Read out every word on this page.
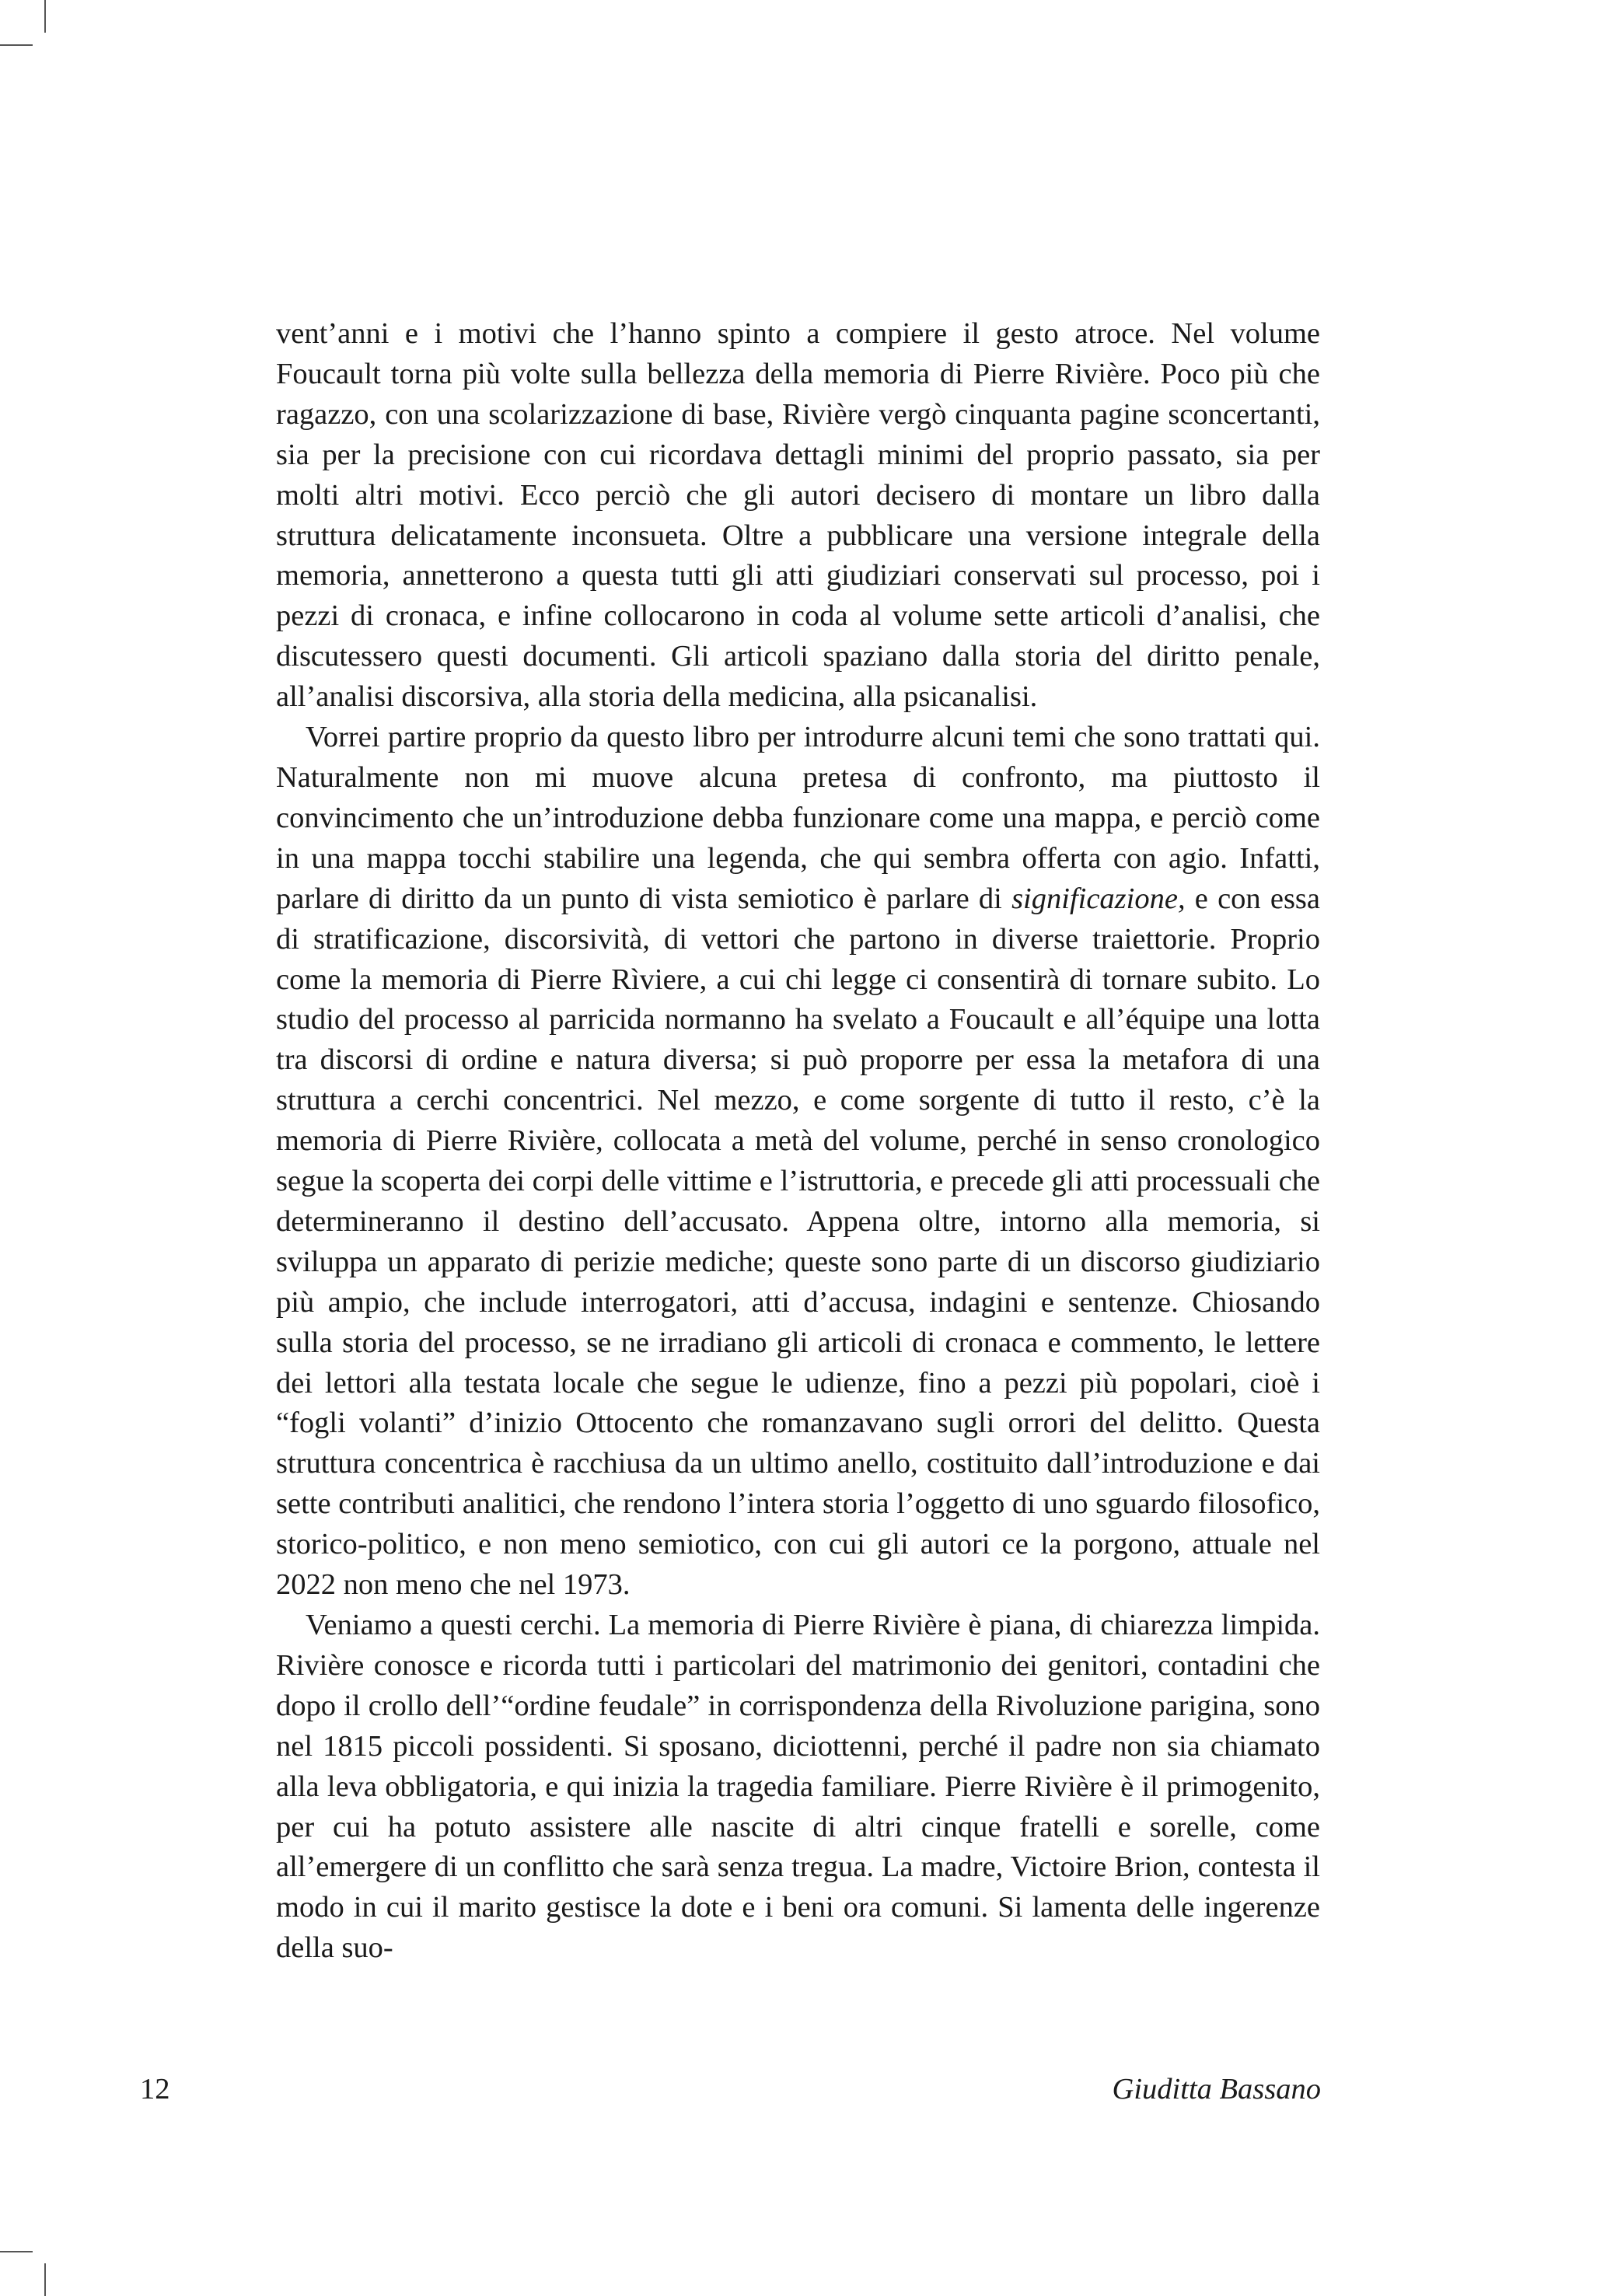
vent’anni e i motivi che l’hanno spinto a compiere il gesto atroce. Nel volume Foucault torna più volte sulla bellezza della memoria di Pierre Rivière. Poco più che ragazzo, con una scolarizzazione di base, Rivière vergò cinquanta pagine sconcertanti, sia per la precisione con cui ricordava dettagli minimi del proprio passato, sia per molti altri motivi. Ecco perciò che gli autori decisero di montare un libro dalla struttura delicatamente inconsueta. Oltre a pubblicare una versione integrale della memoria, annetterono a questa tutti gli atti giudiziari conservati sul processo, poi i pezzi di cronaca, e infine collocarono in coda al volume sette articoli d’analisi, che discutessero questi documenti. Gli articoli spaziano dalla storia del diritto penale, all’analisi discorsiva, alla storia della medicina, alla psicanalisi.

Vorrei partire proprio da questo libro per introdurre alcuni temi che sono trattati qui. Naturalmente non mi muove alcuna pretesa di confronto, ma piuttosto il convincimento che un’introduzione debba funzionare come una mappa, e perciò come in una mappa tocchi stabilire una legenda, che qui sembra offerta con agio. Infatti, parlare di diritto da un punto di vista semiotico è parlare di significazione, e con essa di stratificazione, discorsività, di vettori che partono in diverse traiettorie. Proprio come la memoria di Pierre Rìviere, a cui chi legge ci consentirà di tornare subito. Lo studio del processo al parricida normanno ha svelato a Foucault e all’équipe una lotta tra discorsi di ordine e natura diversa; si può proporre per essa la metafora di una struttura a cerchi concentrici. Nel mezzo, e come sorgente di tutto il resto, c’è la memoria di Pierre Rivière, collocata a metà del volume, perché in senso cronologico segue la scoperta dei corpi delle vittime e l’istruttoria, e precede gli atti processuali che determineranno il destino dell’accusato. Appena oltre, intorno alla memoria, si sviluppa un apparato di perizie mediche; queste sono parte di un discorso giudiziario più ampio, che include interrogatori, atti d’accusa, indagini e sentenze. Chiosando sulla storia del processo, se ne irradiano gli articoli di cronaca e commento, le lettere dei lettori alla testata locale che segue le udienze, fino a pezzi più popolari, cioè i “fogli volanti” d’inizio Ottocento che romanzavano sugli orrori del delitto. Questa struttura concentrica è racchiusa da un ultimo anello, costituito dall’introduzione e dai sette contributi analitici, che rendono l’intera storia l’oggetto di uno sguardo filosofico, storico-politico, e non meno semiotico, con cui gli autori ce la porgono, attuale nel 2022 non meno che nel 1973.

Veniamo a questi cerchi. La memoria di Pierre Rivière è piana, di chiarezza limpida. Rivière conosce e ricorda tutti i particolari del matrimonio dei genitori, contadini che dopo il crollo dell’“ordine feudale” in corrispondenza della Rivoluzione parigina, sono nel 1815 piccoli possidenti. Si sposano, diciottenni, perché il padre non sia chiamato alla leva obbligatoria, e qui inizia la tragedia familiare. Pierre Rivière è il primogenito, per cui ha potuto assistere alle nascite di altri cinque fratelli e sorelle, come all’emergere di un conflitto che sarà senza tregua. La madre, Victoire Brion, contesta il modo in cui il marito gestisce la dote e i beni ora comuni. Si lamenta delle ingerenze della suo-

12	Giuditta Bassano
